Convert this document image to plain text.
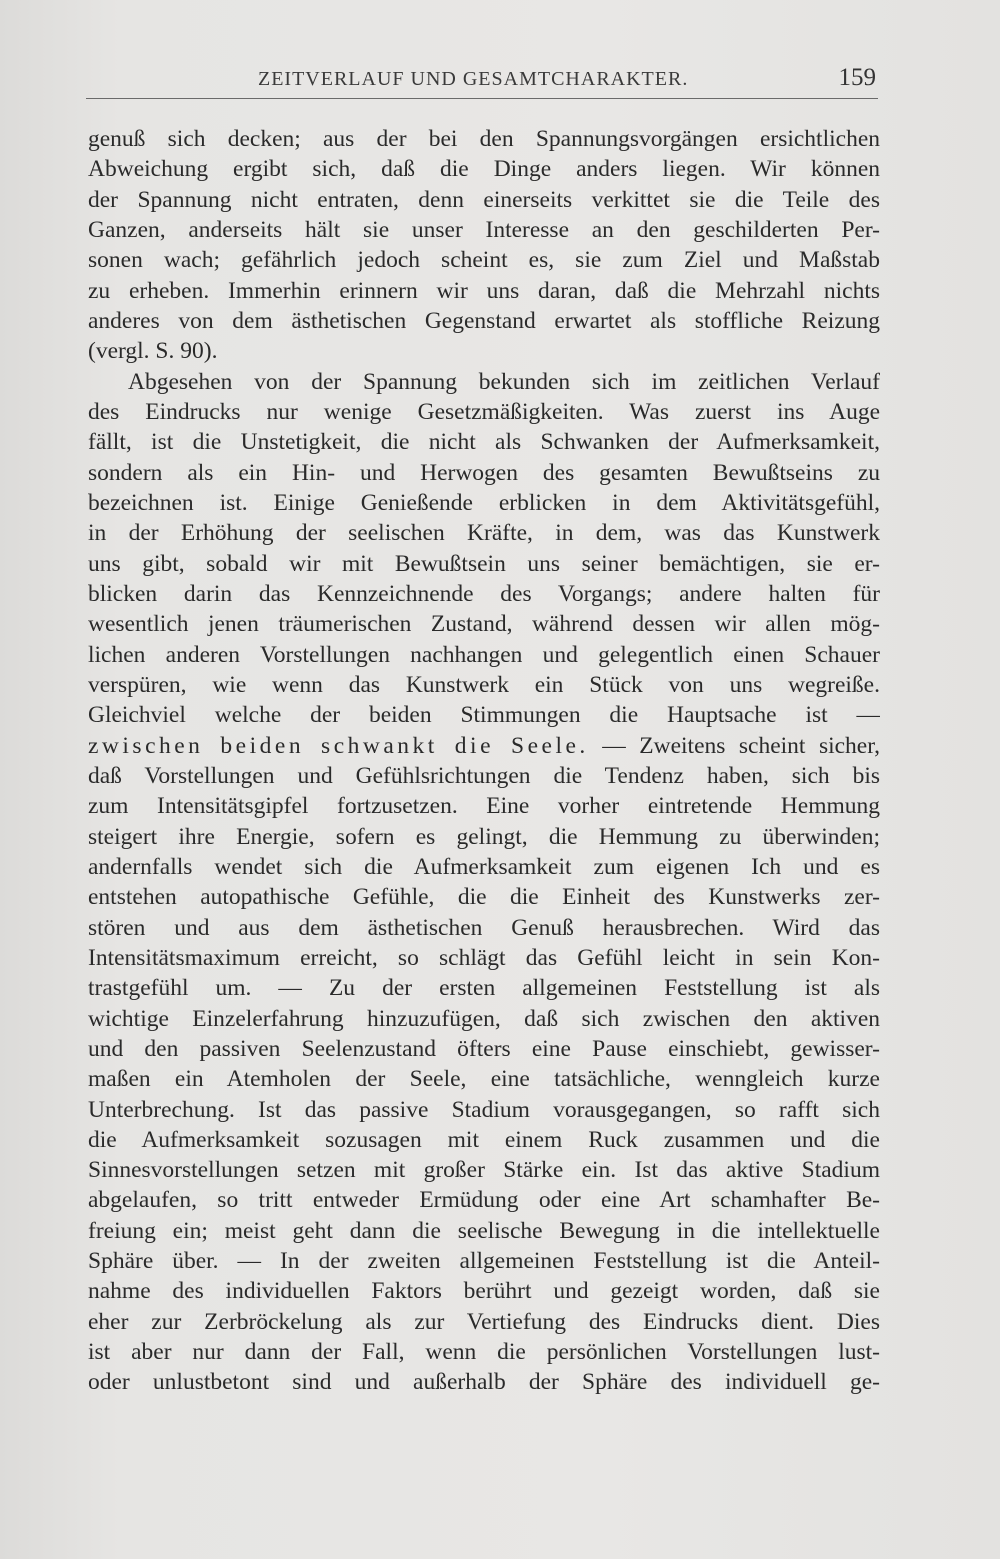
ZEITVERLAUF UND GESAMTCHARAKTER.	159
genuß sich decken; aus der bei den Spannungsvorgängen ersichtlichen
Abweichung ergibt sich, daß die Dinge anders liegen. Wir können
der Spannung nicht entraten, denn einerseits verkittet sie die Teile des
Ganzen, anderseits hält sie unser Interesse an den geschilderten Per-
sonen wach; gefährlich jedoch scheint es, sie zum Ziel und Maßstab
zu erheben. Immerhin erinnern wir uns daran, daß die Mehrzahl nichts
anderes von dem ästhetischen Gegenstand erwartet als stoffliche Reizung
(vergl. S. 90).
Abgesehen von der Spannung bekunden sich im zeitlichen Verlauf
des Eindrucks nur wenige Gesetzmäßigkeiten. Was zuerst ins Auge
fällt, ist die Unstetigkeit, die nicht als Schwanken der Aufmerksamkeit,
sondern als ein Hin- und Herwogen des gesamten Bewußtseins zu
bezeichnen ist. Einige Genießende erblicken in dem Aktivitätsgefühl,
in der Erhöhung der seelischen Kräfte, in dem, was das Kunstwerk
uns gibt, sobald wir mit Bewußtsein uns seiner bemächtigen, sie er-
blicken darin das Kennzeichnende des Vorgangs; andere halten für
wesentlich jenen träumerischen Zustand, während dessen wir allen mög-
lichen anderen Vorstellungen nachhangen und gelegentlich einen Schauer
verspüren, wie wenn das Kunstwerk ein Stück von uns wegreiße.
Gleichviel welche der beiden Stimmungen die Hauptsache ist —
zwischen beiden schwankt die Seele. — Zweitens scheint sicher,
daß Vorstellungen und Gefühlsrichtungen die Tendenz haben, sich bis
zum Intensitätsgipfel fortzusetzen. Eine vorher eintretende Hemmung
steigert ihre Energie, sofern es gelingt, die Hemmung zu überwinden;
andernfalls wendet sich die Aufmerksamkeit zum eigenen Ich und es
entstehen autopathische Gefühle, die die Einheit des Kunstwerks zer-
stören und aus dem ästhetischen Genuß herausbrechen. Wird das
Intensitätsmaximum erreicht, so schlägt das Gefühl leicht in sein Kon-
trastgefühl um. — Zu der ersten allgemeinen Feststellung ist als
wichtige Einzelerfahrung hinzuzufügen, daß sich zwischen den aktiven
und den passiven Seelenzustand öfters eine Pause einschiebt, gewisser-
maßen ein Atemholen der Seele, eine tatsächliche, wenngleich kurze
Unterbrechung. Ist das passive Stadium vorausgegangen, so rafft sich
die Aufmerksamkeit sozusagen mit einem Ruck zusammen und die
Sinnesvorstellungen setzen mit großer Stärke ein. Ist das aktive Stadium
abgelaufen, so tritt entweder Ermüdung oder eine Art schamhafter Be-
freiung ein; meist geht dann die seelische Bewegung in die intellektuelle
Sphäre über. — In der zweiten allgemeinen Feststellung ist die Anteil-
nahme des individuellen Faktors berührt und gezeigt worden, daß sie
eher zur Zerbröckelung als zur Vertiefung des Eindrucks dient. Dies
ist aber nur dann der Fall, wenn die persönlichen Vorstellungen lust-
oder unlustbetont sind und außerhalb der Sphäre des individuell ge-
